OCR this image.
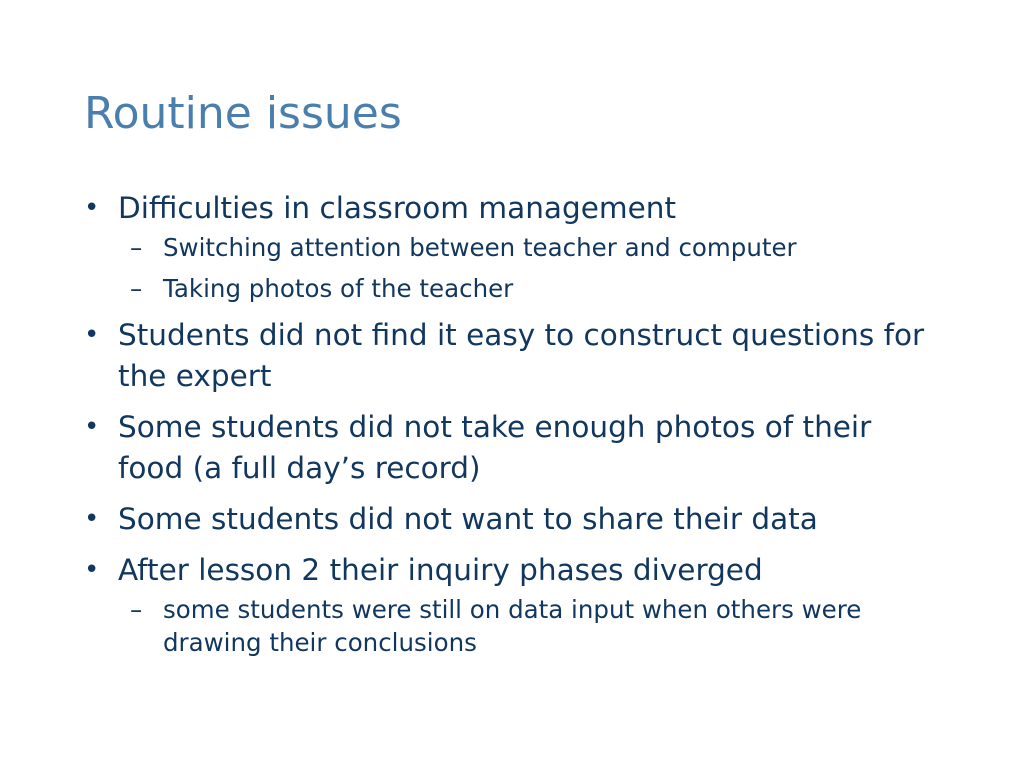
Routine issues
• Difficulties in classroom management
– Switching attention between teacher and computer
– Taking photos of the teacher
• Students did not find it easy to construct questions for the expert
• Some students did not take enough photos of their food (a full day’s record)
• Some students did not want to share their data
• After lesson 2 their inquiry phases diverged
– some students were still on data input when others were drawing their conclusions
